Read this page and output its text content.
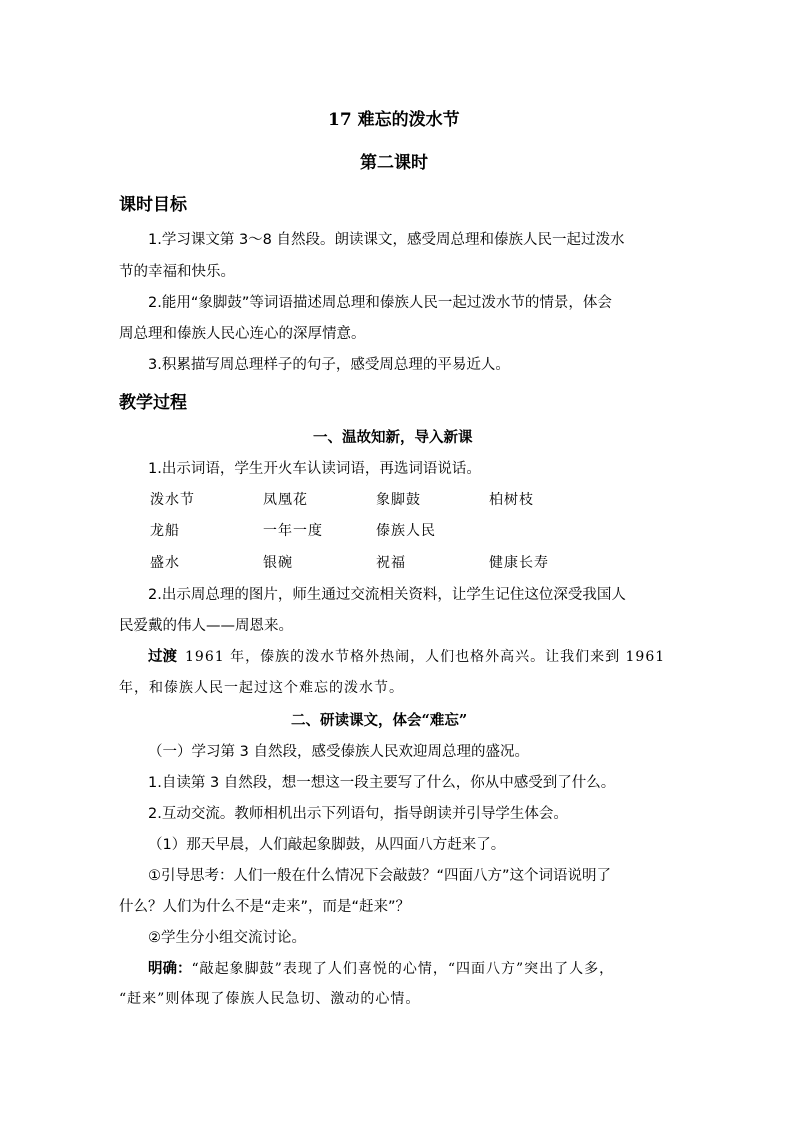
17 难忘的泼水节
第二课时
课时目标
1.学习课文第 3～8 自然段。朗读课文，感受周总理和傣族人民一起过泼水
节的幸福和快乐。
2.能用“象脚鼓”等词语描述周总理和傣族人民一起过泼水节的情景，体会
周总理和傣族人民心连心的深厚情意。
3.积累描写周总理样子的句子，感受周总理的平易近人。
教学过程
一、温故知新，导入新课
1.出示词语，学生开火车认读词语，再选词语说话。
泼水节	凤凰花	象脚鼓	柏树枝
龙船	一年一度	傣族人民
盛水	银碗	祝福	健康长寿
2.出示周总理的图片，师生通过交流相关资料，让学生记住这位深受我国人
民爱戴的伟人——周恩来。
过渡 1961 年，傣族的泼水节格外热闹，人们也格外高兴。让我们来到 1961
年，和傣族人民一起过这个难忘的泼水节。
二、研读课文，体会“难忘”
（一）学习第 3 自然段，感受傣族人民欢迎周总理的盛况。
1.自读第 3 自然段，想一想这一段主要写了什么，你从中感受到了什么。
2.互动交流。教师相机出示下列语句，指导朗读并引导学生体会。
（1）那天早晨，人们敲起象脚鼓，从四面八方赶来了。
①引导思考：人们一般在什么情况下会敲鼓？“四面八方”这个词语说明了
什么？人们为什么不是“走来”，而是“赶来”？
②学生分小组交流讨论。
明确：“敲起象脚鼓”表现了人们喜悦的心情，“四面八方”突出了人多，
“赶来”则体现了傣族人民急切、激动的心情。
